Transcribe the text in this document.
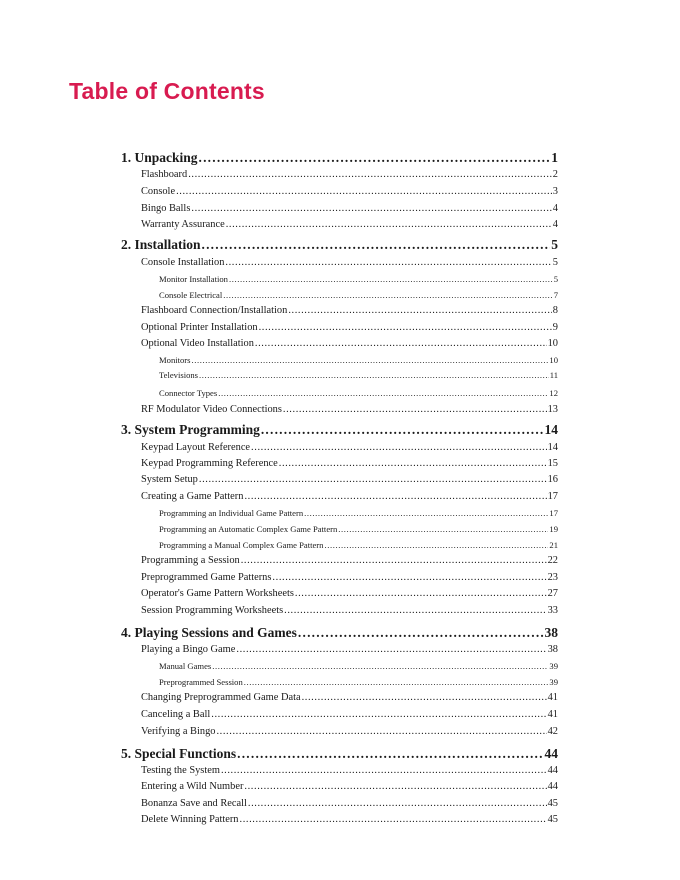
Table of Contents
1. Unpacking .....	1
Flashboard .....	2
Console .....	3
Bingo Balls .....	4
Warranty Assurance .....	4
2. Installation .....	5
Console Installation .....	5
Monitor Installation .....	5
Console Electrical .....	7
Flashboard Connection/Installation .....	8
Optional Printer Installation .....	9
Optional Video Installation .....	10
Monitors .....	10
Televisions .....	11
Connector Types .....	12
RF Modulator Video Connections .....	13
3. System Programming .....	14
Keypad Layout Reference .....	14
Keypad Programming Reference .....	15
System Setup .....	16
Creating a Game Pattern .....	17
Programming an Individual Game Pattern .....	17
Programming an Automatic Complex Game Pattern .....	19
Programming a Manual Complex Game Pattern .....	21
Programming a Session .....	22
Preprogrammed Game Patterns .....	23
Operator's Game Pattern Worksheets .....	27
Session Programming Worksheets .....	33
4. Playing Sessions and Games .....	38
Playing a Bingo Game .....	38
Manual Games .....	39
Preprogrammed Session .....	39
Changing Preprogrammed Game Data .....	41
Canceling a Ball .....	41
Verifying a Bingo .....	42
5. Special Functions .....	44
Testing the System .....	44
Entering a Wild Number .....	44
Bonanza Save and Recall .....	45
Delete Winning Pattern .....	45
